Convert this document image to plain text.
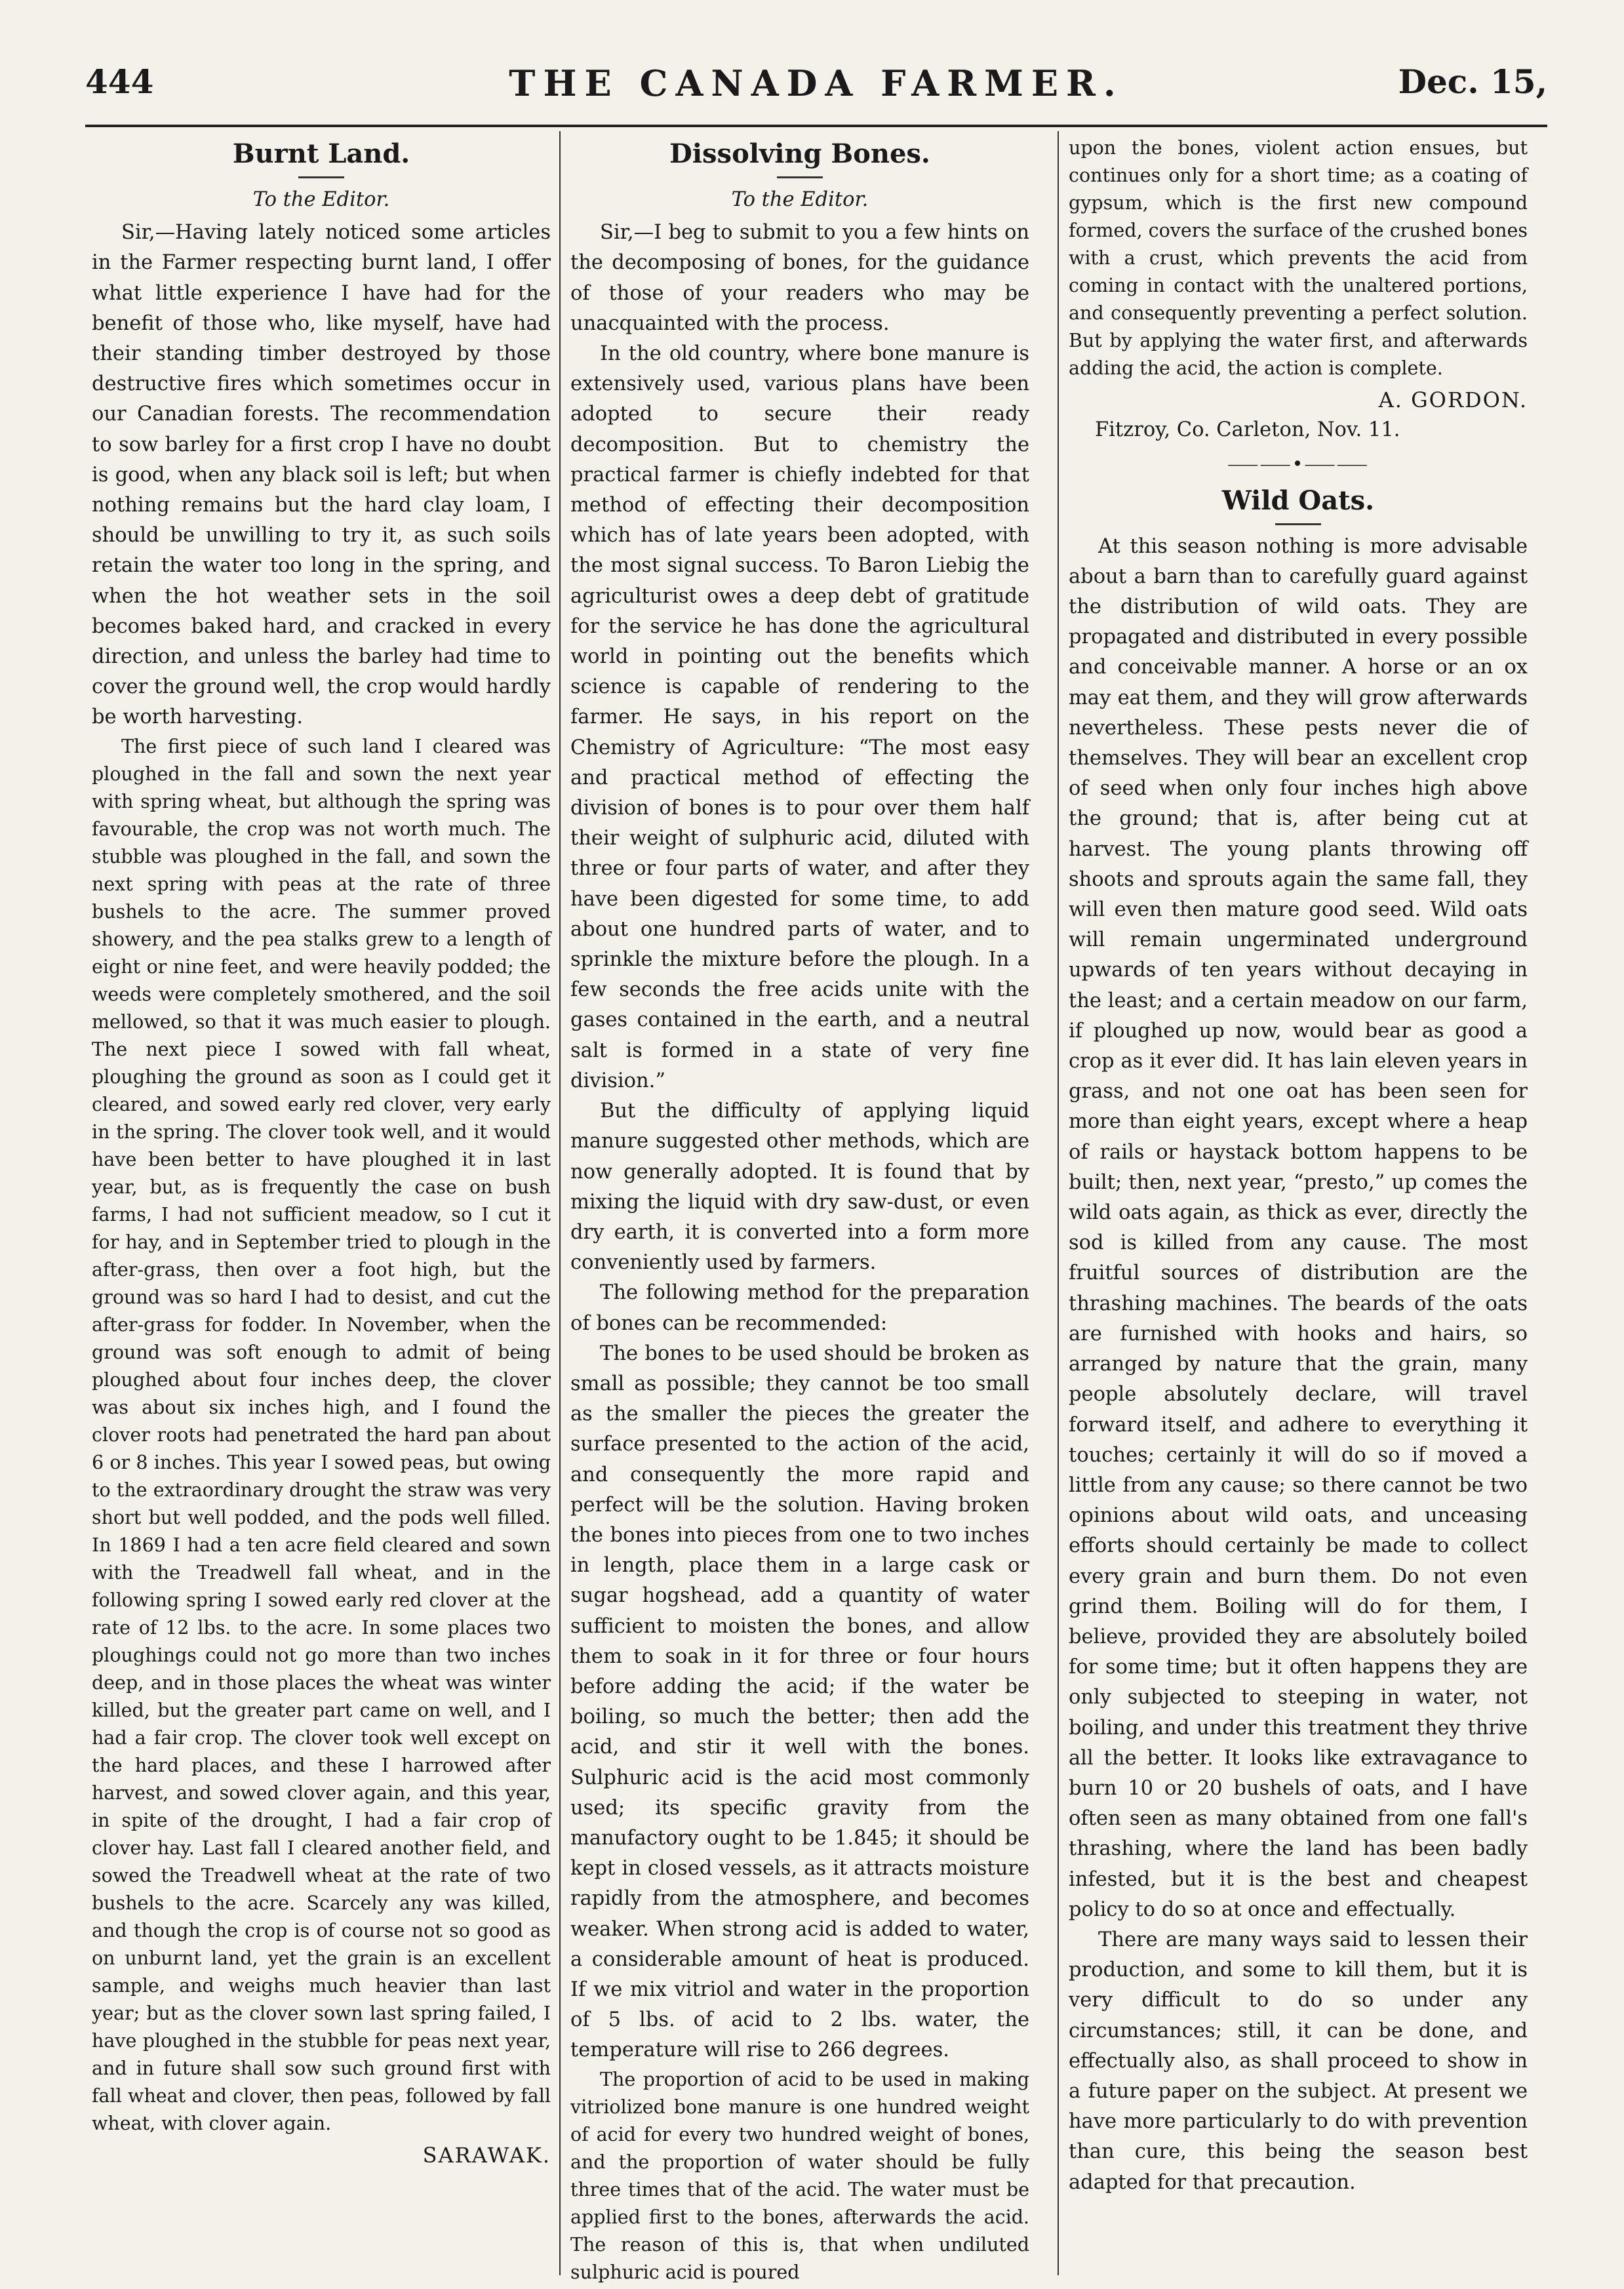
444	THE CANADA FARMER.	Dec. 15,
Burnt Land.
To the Editor.

Sir,—Having lately noticed some articles in the Farmer respecting burnt land, I offer what little experience I have had for the benefit of those who, like myself, have had their standing timber destroyed by those destructive fires which sometimes occur in our Canadian forests. The recommendation to sow barley for a first crop I have no doubt is good, when any black soil is left; but when nothing remains but the hard clay loam, I should be unwilling to try it, as such soils retain the water too long in the spring, and when the hot weather sets in the soil becomes baked hard, and cracked in every direction, and unless the barley had time to cover the ground well, the crop would hardly be worth harvesting.

The first piece of such land I cleared was ploughed in the fall and sown the next year with spring wheat, but although the spring was favourable, the crop was not worth much. The stubble was ploughed in the fall, and sown the next spring with peas at the rate of three bushels to the acre. The summer proved showery, and the pea stalks grew to a length of eight or nine feet, and were heavily podded; the weeds were completely smothered, and the soil mellowed, so that it was much easier to plough. The next piece I sowed with fall wheat, ploughing the ground as soon as I could get it cleared, and sowed early red clover, very early in the spring. The clover took well, and it would have been better to have ploughed it in last year, but, as is frequently the case on bush farms, I had not sufficient meadow, so I cut it for hay, and in September tried to plough in the after-grass, then over a foot high, but the ground was so hard I had to desist, and cut the after-grass for fodder. In November, when the ground was soft enough to admit of being ploughed about four inches deep, the clover was about six inches high, and I found the clover roots had penetrated the hard pan about 6 or 8 inches. This year I sowed peas, but owing to the extraordinary drought the straw was very short but well podded, and the pods well filled. In 1869 I had a ten acre field cleared and sown with the Treadwell fall wheat, and in the following spring I sowed early red clover at the rate of 12 lbs. to the acre. In some places two ploughings could not go more than two inches deep, and in those places the wheat was winter killed, but the greater part came on well, and I had a fair crop. The clover took well except on the hard places, and these I harrowed after harvest, and sowed clover again, and this year, in spite of the drought, I had a fair crop of clover hay. Last fall I cleared another field, and sowed the Treadwell wheat at the rate of two bushels to the acre. Scarcely any was killed, and though the crop is of course not so good as on unburnt land, yet the grain is an excellent sample, and weighs much heavier than last year; but as the clover sown last spring failed, I have ploughed in the stubble for peas next year, and in future shall sow such ground first with fall wheat and clover, then peas, followed by fall wheat, with clover again.

SARAWAK.
Dissolving Bones.
To the Editor.

Sir,—I beg to submit to you a few hints on the decomposing of bones, for the guidance of those of your readers who may be unacquainted with the process.

In the old country, where bone manure is extensively used, various plans have been adopted to secure their ready decomposition. But to chemistry the practical farmer is chiefly indebted for that method of effecting their decomposition which has of late years been adopted, with the most signal success. To Baron Liebig the agriculturist owes a deep debt of gratitude for the service he has done the agricultural world in pointing out the benefits which science is capable of rendering to the farmer. He says, in his report on the Chemistry of Agriculture: “The most easy and practical method of effecting the division of bones is to pour over them half their weight of sulphuric acid, diluted with three or four parts of water, and after they have been digested for some time, to add about one hundred parts of water, and to sprinkle the mixture before the plough. In a few seconds the free acids unite with the gases contained in the earth, and a neutral salt is formed in a state of very fine division.”

But the difficulty of applying liquid manure suggested other methods, which are now generally adopted. It is found that by mixing the liquid with dry saw-dust, or even dry earth, it is converted into a form more conveniently used by farmers.

The following method for the preparation of bones can be recommended:

The bones to be used should be broken as small as possible; they cannot be too small as the smaller the pieces the greater the surface presented to the action of the acid, and consequently the more rapid and perfect will be the solution. Having broken the bones into pieces from one to two inches in length, place them in a large cask or sugar hogshead, add a quantity of water sufficient to moisten the bones, and allow them to soak in it for three or four hours before adding the acid; if the water be boiling, so much the better; then add the acid, and stir it well with the bones. Sulphuric acid is the acid most commonly used; its specific gravity from the manufactory ought to be 1.845; it should be kept in closed vessels, as it attracts moisture rapidly from the atmosphere, and becomes weaker. When strong acid is added to water, a considerable amount of heat is produced. If we mix vitriol and water in the proportion of 5 lbs. of acid to 2 lbs. water, the temperature will rise to 266 degrees.

The proportion of acid to be used in making vitriolized bone manure is one hundred weight of acid for every two hundred weight of bones, and the proportion of water should be fully three times that of the acid. The water must be applied first to the bones, afterwards the acid. The reason of this is, that when undiluted sulphuric acid is poured

upon the bones, violent action ensues, but continues only for a short time; as a coating of gypsum, which is the first new compound formed, covers the surface of the crushed bones with a crust, which prevents the acid from coming in contact with the unaltered portions, and consequently preventing a perfect solution. But by applying the water first, and afterwards adding the acid, the action is complete.

A. GORDON.

Fitzroy, Co. Carleton, Nov. 11.

⸺⸺•⸺⸺
Wild Oats.

At this season nothing is more advisable about a barn than to carefully guard against the distribution of wild oats. They are propagated and distributed in every possible and conceivable manner. A horse or an ox may eat them, and they will grow afterwards nevertheless. These pests never die of themselves. They will bear an excellent crop of seed when only four inches high above the ground; that is, after being cut at harvest. The young plants throwing off shoots and sprouts again the same fall, they will even then mature good seed. Wild oats will remain ungerminated underground upwards of ten years without decaying in the least; and a certain meadow on our farm, if ploughed up now, would bear as good a crop as it ever did. It has lain eleven years in grass, and not one oat has been seen for more than eight years, except where a heap of rails or haystack bottom happens to be built; then, next year, “presto,” up comes the wild oats again, as thick as ever, directly the sod is killed from any cause. The most fruitful sources of distribution are the thrashing machines. The beards of the oats are furnished with hooks and hairs, so arranged by nature that the grain, many people absolutely declare, will travel forward itself, and adhere to everything it touches; certainly it will do so if moved a little from any cause; so there cannot be two opinions about wild oats, and unceasing efforts should certainly be made to collect every grain and burn them. Do not even grind them. Boiling will do for them, I believe, provided they are absolutely boiled for some time; but it often happens they are only subjected to steeping in water, not boiling, and under this treatment they thrive all the better. It looks like extravagance to burn 10 or 20 bushels of oats, and I have often seen as many obtained from one fall's thrashing, where the land has been badly infested, but it is the best and cheapest policy to do so at once and effectually.

There are many ways said to lessen their production, and some to kill them, but it is very difficult to do so under any circumstances; still, it can be done, and effectually also, as shall proceed to show in a future paper on the subject. At present we have more particularly to do with prevention than cure, this being the season best adapted for that precaution.
